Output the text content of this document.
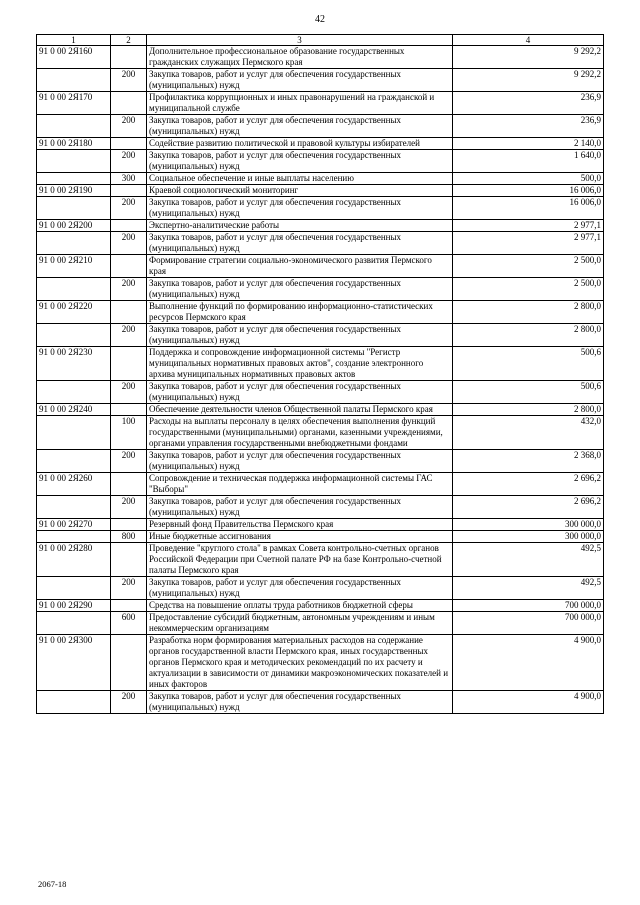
42
1	2	3	4
91 0 00 2Я160		Дополнительное профессиональное образование государственных гражданских служащих Пермского края	9 292,2
	200	Закупка товаров, работ и услуг для обеспечения государственных (муниципальных) нужд	9 292,2
91 0 00 2Я170		Профилактика коррупционных и иных правонарушений на гражданской и муниципальной службе	236,9
	200	Закупка товаров, работ и услуг для обеспечения государственных (муниципальных) нужд	236,9
91 0 00 2Я180		Содействие развитию политической и правовой культуры избирателей	2 140,0
	200	Закупка товаров, работ и услуг для обеспечения государственных (муниципальных) нужд	1 640,0
	300	Социальное обеспечение и иные выплаты населению	500,0
91 0 00 2Я190		Краевой социологический мониторинг	16 006,0
	200	Закупка товаров, работ и услуг для обеспечения государственных (муниципальных) нужд	16 006,0
91 0 00 2Я200		Экспертно-аналитические работы	2 977,1
	200	Закупка товаров, работ и услуг для обеспечения государственных (муниципальных) нужд	2 977,1
91 0 00 2Я210		Формирование стратегии социально-экономического развития Пермского края	2 500,0
	200	Закупка товаров, работ и услуг для обеспечения государственных (муниципальных) нужд	2 500,0
91 0 00 2Я220		Выполнение функций по формированию информационно-статистических ресурсов Пермского края	2 800,0
	200	Закупка товаров, работ и услуг для обеспечения государственных (муниципальных) нужд	2 800,0
91 0 00 2Я230		Поддержка и сопровождение информационной системы "Регистр муниципальных нормативных правовых актов", создание электронного архива муниципальных нормативных правовых актов	500,6
	200	Закупка товаров, работ и услуг для обеспечения государственных (муниципальных) нужд	500,6
91 0 00 2Я240		Обеспечение деятельности членов Общественной палаты Пермского края	2 800,0
	100	Расходы на выплаты персоналу в целях обеспечения выполнения функций государственными (муниципальными) органами, казенными учреждениями, органами управления государственными внебюджетными фондами	432,0
	200	Закупка товаров, работ и услуг для обеспечения государственных (муниципальных) нужд	2 368,0
91 0 00 2Я260		Сопровождение и техническая поддержка информационной системы ГАС "Выборы"	2 696,2
	200	Закупка товаров, работ и услуг для обеспечения государственных (муниципальных) нужд	2 696,2
91 0 00 2Я270		Резервный фонд Правительства Пермского края	300 000,0
	800	Иные бюджетные ассигнования	300 000,0
91 0 00 2Я280		Проведение "круглого стола" в рамках Совета контрольно-счетных органов Российской Федерации при Счетной палате РФ на базе Контрольно-счетной палаты Пермского края	492,5
	200	Закупка товаров, работ и услуг для обеспечения государственных (муниципальных) нужд	492,5
91 0 00 2Я290		Средства на повышение оплаты труда работников бюджетной сферы	700 000,0
	600	Предоставление субсидий бюджетным, автономным учреждениям и иным некоммерческим организациям	700 000,0
91 0 00 2Я300		Разработка норм формирования материальных расходов на содержание органов государственной власти Пермского края, иных государственных органов Пермского края и методических рекомендаций по их расчету и актуализации в зависимости от динамики макроэкономических показателей и иных факторов	4 900,0
	200	Закупка товаров, работ и услуг для обеспечения государственных (муниципальных) нужд	4 900,0
2067-18
